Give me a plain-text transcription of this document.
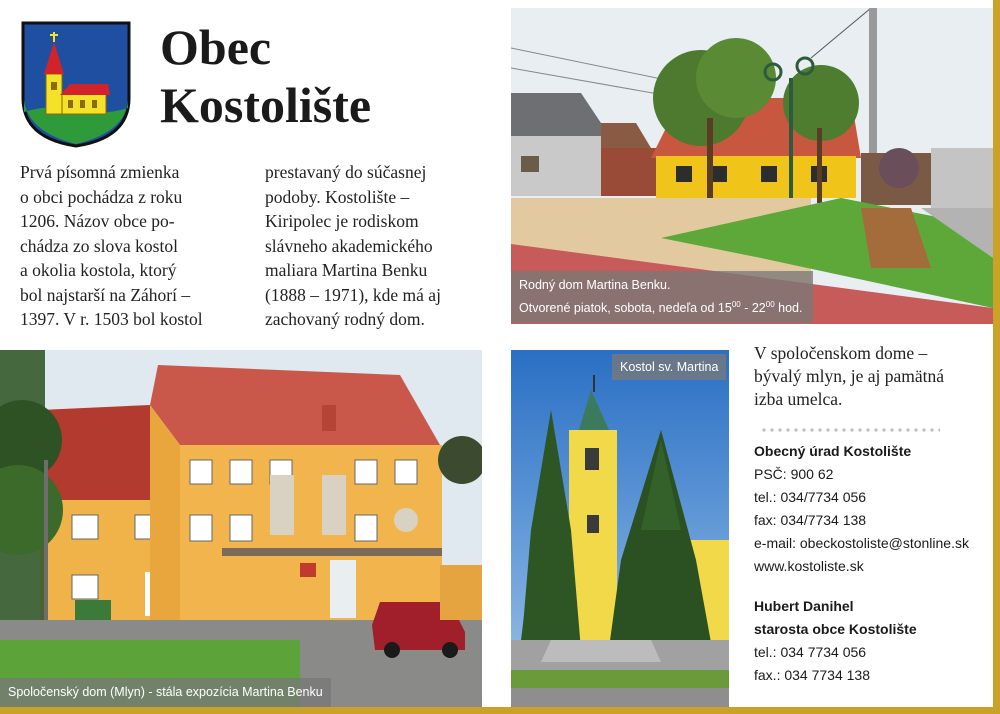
Obec
Kostolište
Prvá písomná zmienka
o obci pochádza z roku
1206. Názov obce po-
chádza zo slova kostol
a okolia kostola, ktorý
bol najstarší na Záhorí –
1397. V r. 1503 bol kostol
prestavaný do súčasnej
podoby. Kostolište –
Kiripolec je rodiskom
slávneho akademického
maliara Martina Benku
(1888 – 1971), kde má aj
zachovaný rodný dom.
Rodný dom Martina Benku.
Otvorené piatok, sobota, nedeľa od $15^{00} - 22^{00}$ hod.
Spoločenský dom (Mlyn) - stála expozícia Martina Benku
Kostol sv. Martina
V spoločenskom dome –
bývalý mlyn, je aj pamätná
izba umelca.
Obecný úrad Kostolište
PSČ: 900 62
tel.: 034/7734 056
fax: 034/7734 138
e-mail: obeckostoliste@stonline.sk
www.kostoliste.sk
Hubert Danihel
starosta obce Kostolište
tel.: 034 7734 056
fax.: 034 7734 138
